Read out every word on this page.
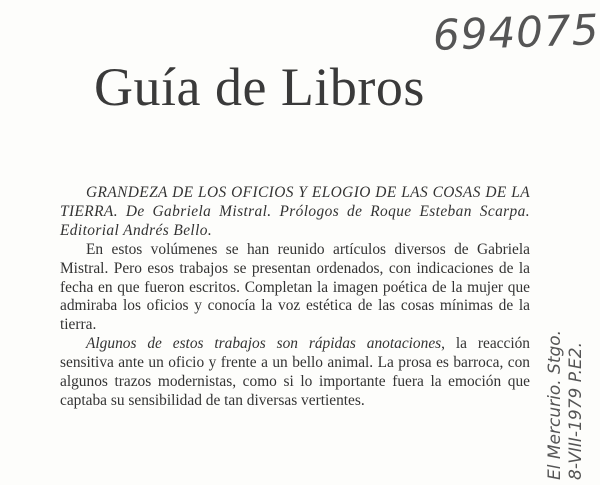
694075
Guía de Libros

GRANDEZA DE LOS OFICIOS Y ELOGIO DE LAS COSAS DE LA TIERRA. De Gabriela Mistral. Prólogos de Roque Esteban Scarpa. Editorial Andrés Bello.

En estos volúmenes se han reunido artículos diversos de Gabriela Mistral. Pero esos trabajos se presentan ordenados, con indicaciones de la fecha en que fueron escritos. Completan la imagen poética de la mujer que admiraba los oficios y conocía la voz estética de las cosas mínimas de la tierra.

Algunos de estos trabajos son rápidas anotaciones, la reacción sensitiva ante un oficio y frente a un bello animal. La prosa es barroca, con algunos trazos modernistas, como si lo importante fuera la emoción que captaba su sensibilidad de tan diversas vertientes.	El Mercurio. Stgo. 8-VIII-1979 P.E2.
